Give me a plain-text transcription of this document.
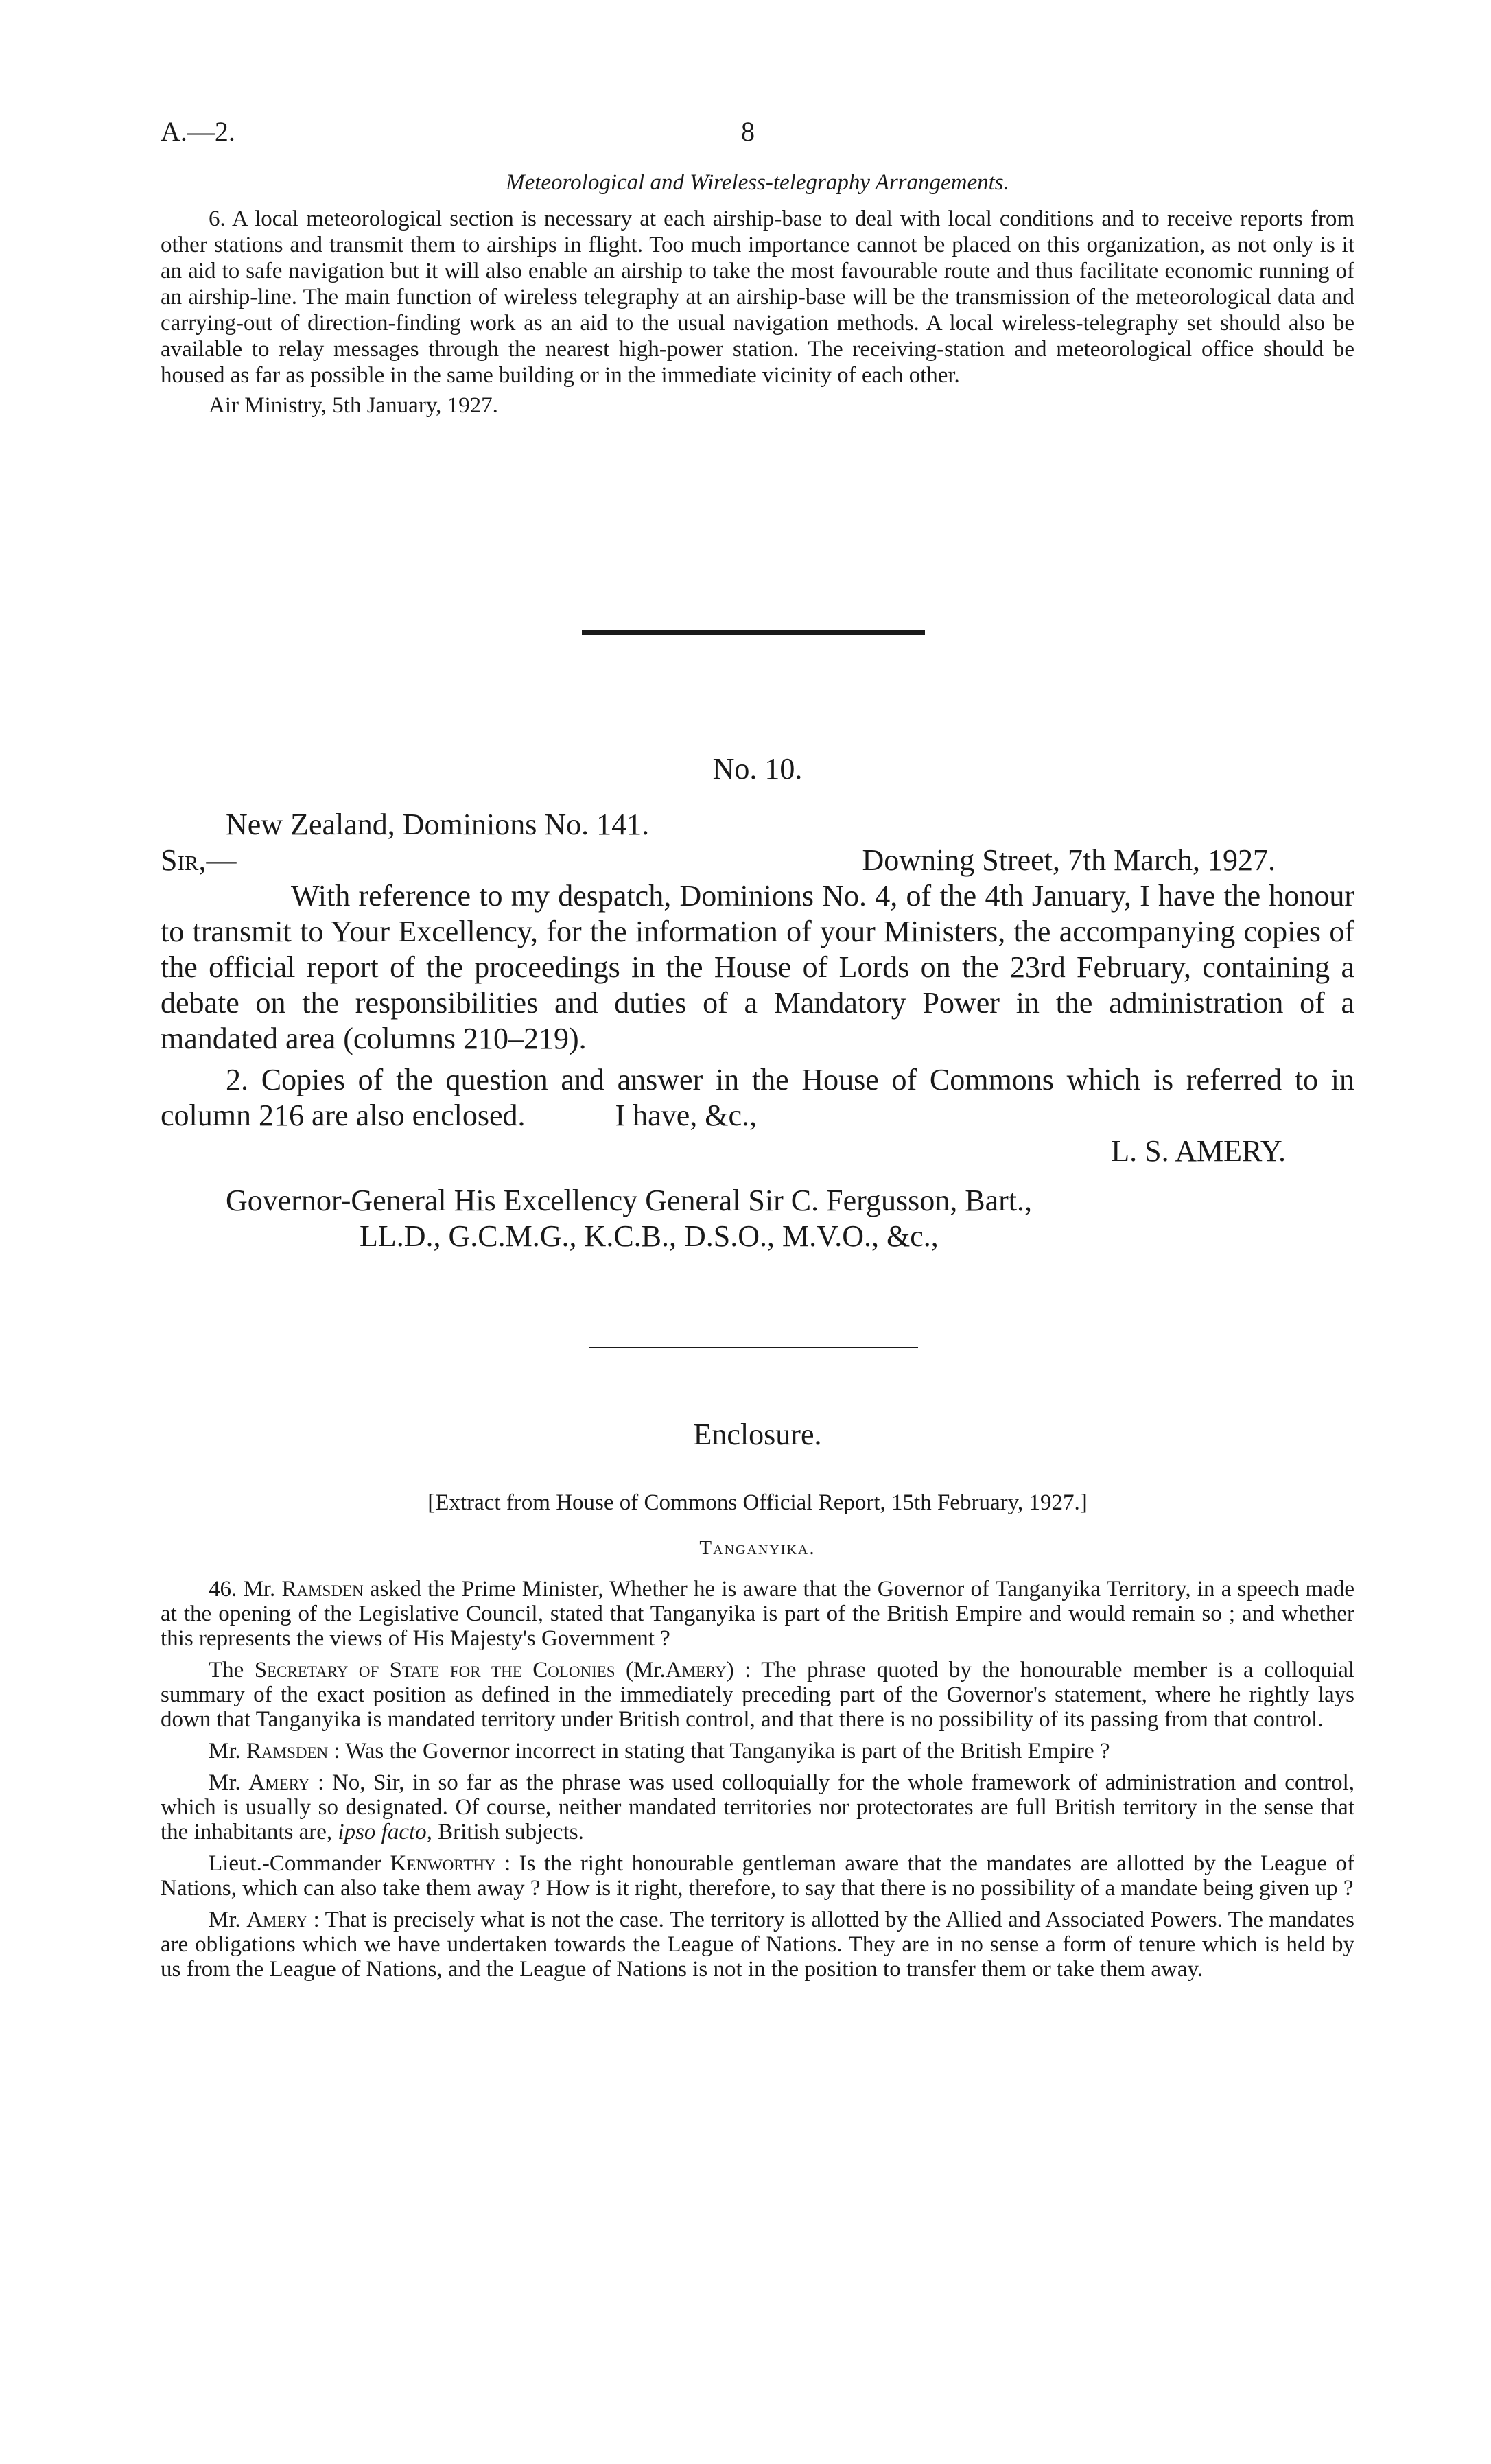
A.—2.	8
Meteorological and Wireless-telegraphy Arrangements.

6. A local meteorological section is necessary at each airship-base to deal with local conditions and to receive reports from other stations and transmit them to airships in flight. Too much importance cannot be placed on this organization, as not only is it an aid to safe navigation but it will also enable an airship to take the most favourable route and thus facilitate economic running of an airship-line. The main function of wireless telegraphy at an airship-base will be the transmission of the meteorological data and carrying-out of direction-finding work as an aid to the usual navigation methods. A local wireless-telegraphy set should also be available to relay messages through the nearest high-power station. The receiving-station and meteorological office should be housed as far as possible in the same building or in the immediate vicinity of each other.

Air Ministry, 5th January, 1927.

No. 10.
New Zealand, Dominions No. 141.
Sir,—	Downing Street, 7th March, 1927.

With reference to my despatch, Dominions No. 4, of the 4th January, I have the honour to transmit to Your Excellency, for the information of your Ministers, the accompanying copies of the official report of the proceedings in the House of Lords on the 23rd February, containing a debate on the responsibilities and duties of a Mandatory Power in the administration of a mandated area (columns 210–219).

2. Copies of the question and answer in the House of Commons which is referred to in column 216 are also enclosed.	I have, &c.,

L. S. AMERY.
Governor-General His Excellency General Sir C. Fergusson, Bart.,
LL.D., G.C.M.G., K.C.B., D.S.O., M.V.O., &c.,
Enclosure.
[Extract from House of Commons Official Report, 15th February, 1927.]
Tanganyika.

46. Mr. Ramsden asked the Prime Minister, Whether he is aware that the Governor of Tanganyika Territory, in a speech made at the opening of the Legislative Council, stated that Tanganyika is part of the British Empire and would remain so ; and whether this represents the views of His Majesty's Government ?

The Secretary of State for the Colonies (Mr.Amery) : The phrase quoted by the honourable member is a colloquial summary of the exact position as defined in the immediately preceding part of the Governor's statement, where he rightly lays down that Tanganyika is mandated territory under British control, and that there is no possibility of its passing from that control.

Mr. Ramsden : Was the Governor incorrect in stating that Tanganyika is part of the British Empire ?

Mr. Amery : No, Sir, in so far as the phrase was used colloquially for the whole framework of administration and control, which is usually so designated. Of course, neither mandated territories nor protectorates are full British territory in the sense that the inhabitants are, ipso facto, British subjects.

Lieut.-Commander Kenworthy : Is the right honourable gentleman aware that the mandates are allotted by the League of Nations, which can also take them away ? How is it right, therefore, to say that there is no possibility of a mandate being given up ?

Mr. Amery : That is precisely what is not the case. The territory is allotted by the Allied and Associated Powers. The mandates are obligations which we have undertaken towards the League of Nations. They are in no sense a form of tenure which is held by us from the League of Nations, and the League of Nations is not in the position to transfer them or take them away.
